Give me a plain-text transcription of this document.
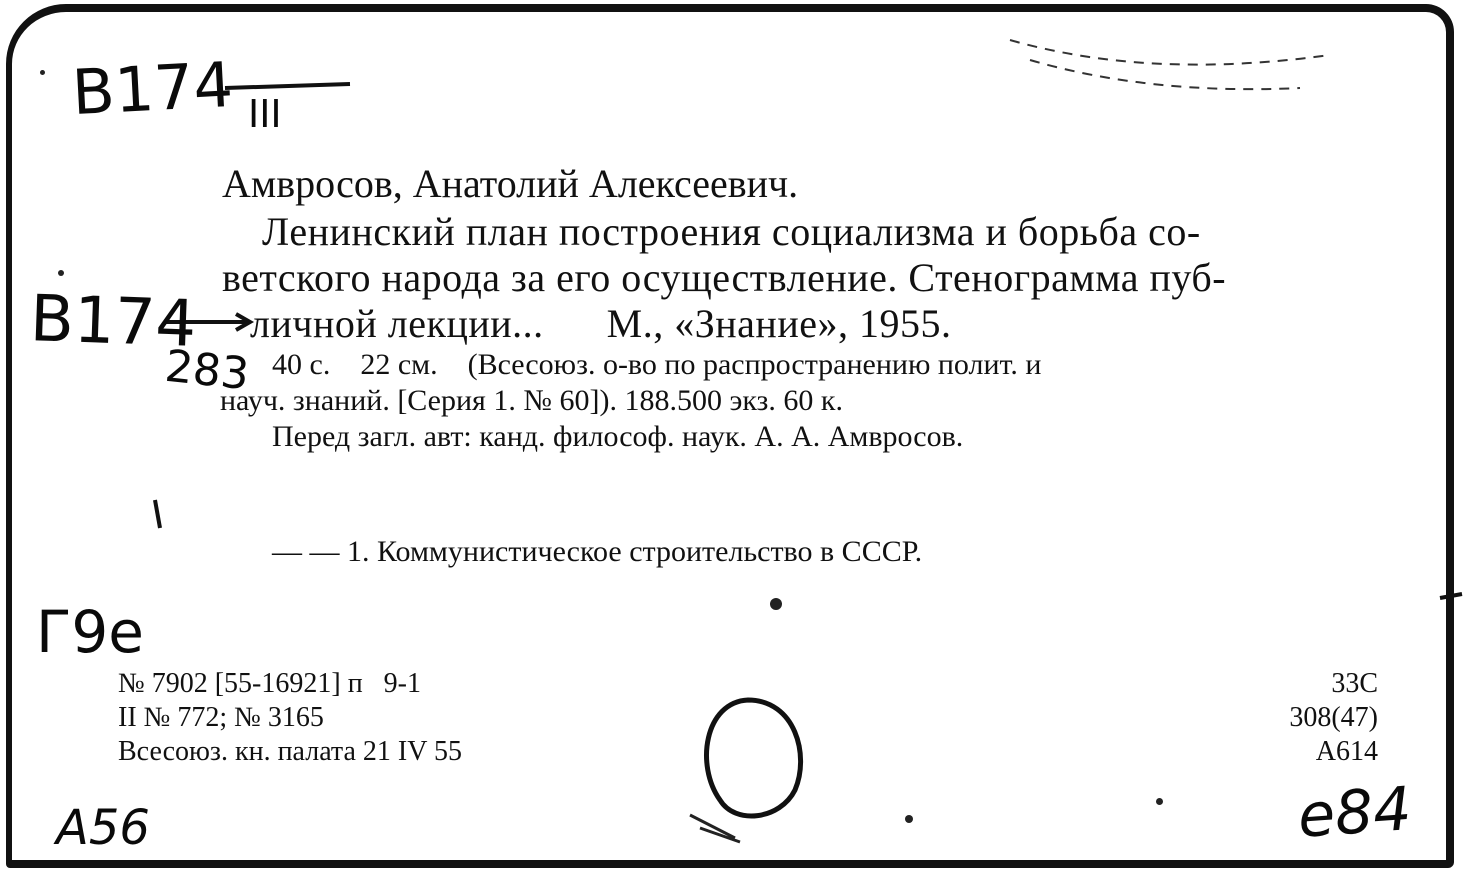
B174 III
B174
283
Г9е
A56	е84
Амвросов, Анатолий Алексеевич.
Ленинский план построения социализма и борьба со-
ветского народа за его осуществление. Стенограмма пуб-
личной лекции...      М., «Знание», 1955.
40 с.    22 см.    (Всесоюз. о-во по распространению полит. и
науч. знаний. [Серия 1. № 60]). 188.500 экз. 60 к.
Перед загл. авт: канд. философ. наук. А. А. Амвросов.
— — 1. Коммунистическое строительство в СССР.
№ 7902 [55-16921] п   9-1
II № 772; № 3165
Всесоюз. кн. палата 21 IV 55
33С
308(47)
А614
